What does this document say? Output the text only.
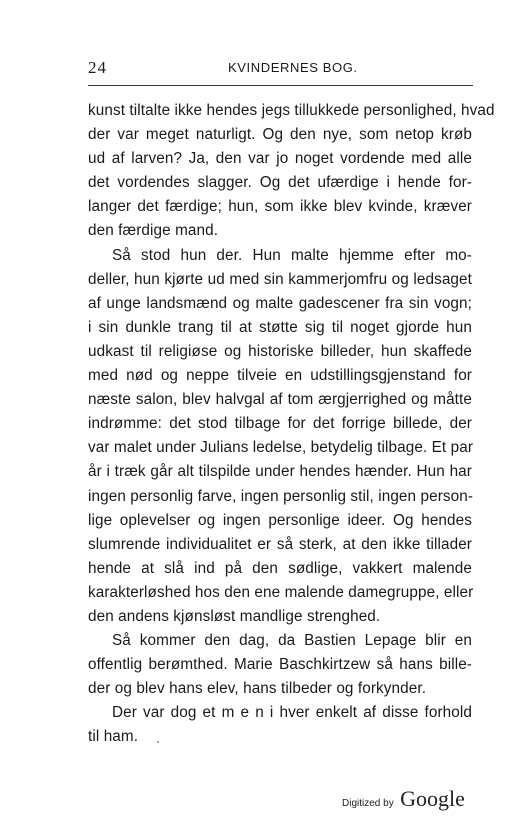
24	KVINDERNES BOG.
kunst tiltalte ikke hendes jegs tillukkede personlighed, hvad
der var meget naturligt. Og den nye, som netop krøb
ud af larven? Ja, den var jo noget vordende med alle
det vordendes slagger. Og det ufærdige i hende for-
langer det færdige; hun, som ikke blev kvinde, kræver
den færdige mand.
Så stod hun der. Hun malte hjemme efter mo-
deller, hun kjørte ud med sin kammerjomfru og ledsaget
af unge landsmænd og malte gadescener fra sin vogn;
i sin dunkle trang til at støtte sig til noget gjorde hun
udkast til religiøse og historiske billeder, hun skaffede
med nød og neppe tilveie en udstillingsgjenstand for
næste salon, blev halvgal af tom ærgjerrighed og måtte
indrømme: det stod tilbage for det forrige billede, der
var malet under Julians ledelse, betydelig tilbage. Et par
år i træk går alt tilspilde under hendes hænder. Hun har
ingen personlig farve, ingen personlig stil, ingen person-
lige oplevelser og ingen personlige ideer. Og hendes
slumrende individualitet er så sterk, at den ikke tillader
hende at slå ind på den sødlige, vakkert malende
karakterløshed hos den ene malende damegruppe, eller
den andens kjønsløst mandlige strenghed.
Så kommer den dag, da Bastien Lepage blir en
offentlig berømthed. Marie Baschkirtzew så hans bille-
der og blev hans elev, hans tilbeder og forkynder.
Der var dog et m e n i hver enkelt af disse forhold
til ham.
Digitized by Google
